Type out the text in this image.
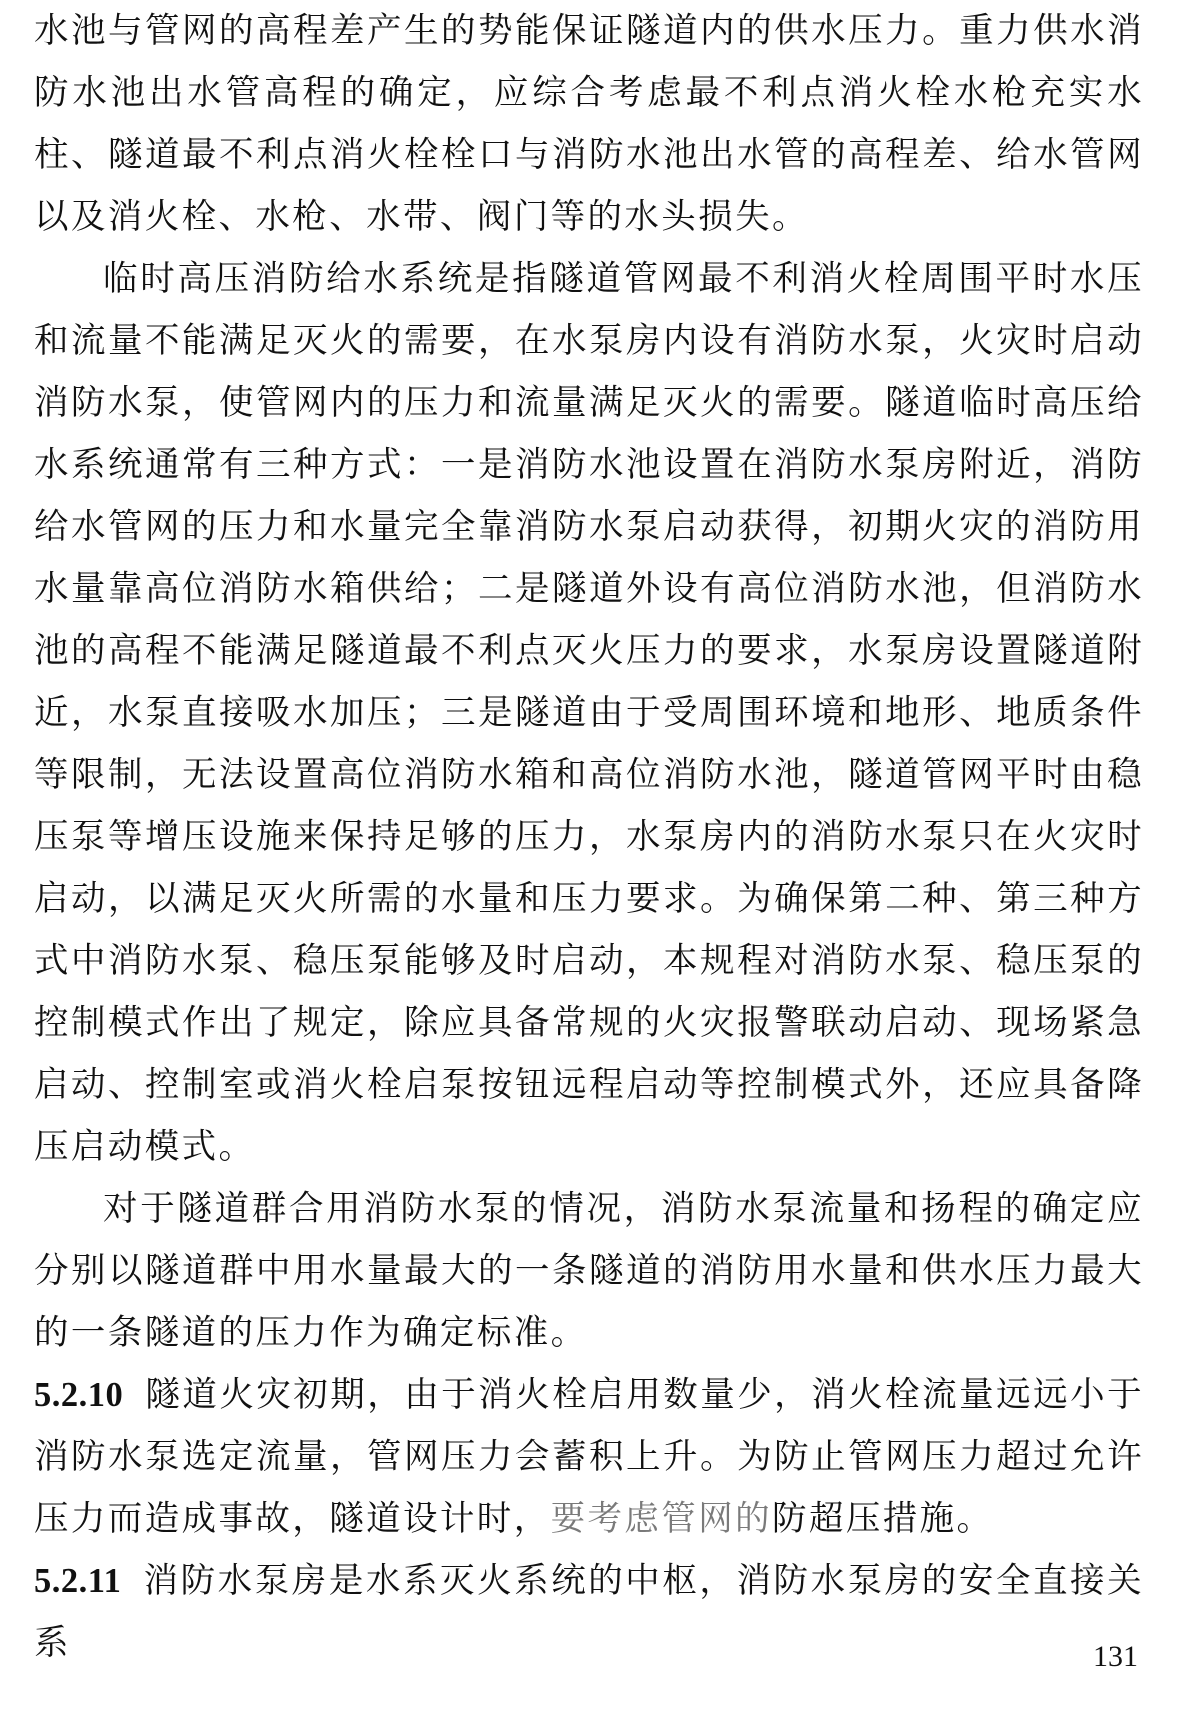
水池与管网的高程差产生的势能保证隧道内的供水压力。重力供水消防水池出水管高程的确定，应综合考虑最不利点消火栓水枪充实水柱、隧道最不利点消火栓栓口与消防水池出水管的高程差、给水管网以及消火栓、水枪、水带、阀门等的水头损失。

临时高压消防给水系统是指隧道管网最不利消火栓周围平时水压和流量不能满足灭火的需要，在水泵房内设有消防水泵，火灾时启动消防水泵，使管网内的压力和流量满足灭火的需要。隧道临时高压给水系统通常有三种方式：一是消防水池设置在消防水泵房附近，消防给水管网的压力和水量完全靠消防水泵启动获得，初期火灾的消防用水量靠高位消防水箱供给；二是隧道外设有高位消防水池，但消防水池的高程不能满足隧道最不利点灭火压力的要求，水泵房设置隧道附近，水泵直接吸水加压；三是隧道由于受周围环境和地形、地质条件等限制，无法设置高位消防水箱和高位消防水池，隧道管网平时由稳压泵等增压设施来保持足够的压力，水泵房内的消防水泵只在火灾时启动，以满足灭火所需的水量和压力要求。为确保第二种、第三种方式中消防水泵、稳压泵能够及时启动，本规程对消防水泵、稳压泵的控制模式作出了规定，除应具备常规的火灾报警联动启动、现场紧急启动、控制室或消火栓启泵按钮远程启动等控制模式外，还应具备降压启动模式。

对于隧道群合用消防水泵的情况，消防水泵流量和扬程的确定应分别以隧道群中用水量最大的一条隧道的消防用水量和供水压力最大的一条隧道的压力作为确定标准。

5.2.10 隧道火灾初期，由于消火栓启用数量少，消火栓流量远远小于消防水泵选定流量，管网压力会蓄积上升。为防止管网压力超过允许压力而造成事故，隧道设计时，要考虑管网的防超压措施。

5.2.11 消防水泵房是水系灭火系统的中枢，消防水泵房的安全直接关系	131
